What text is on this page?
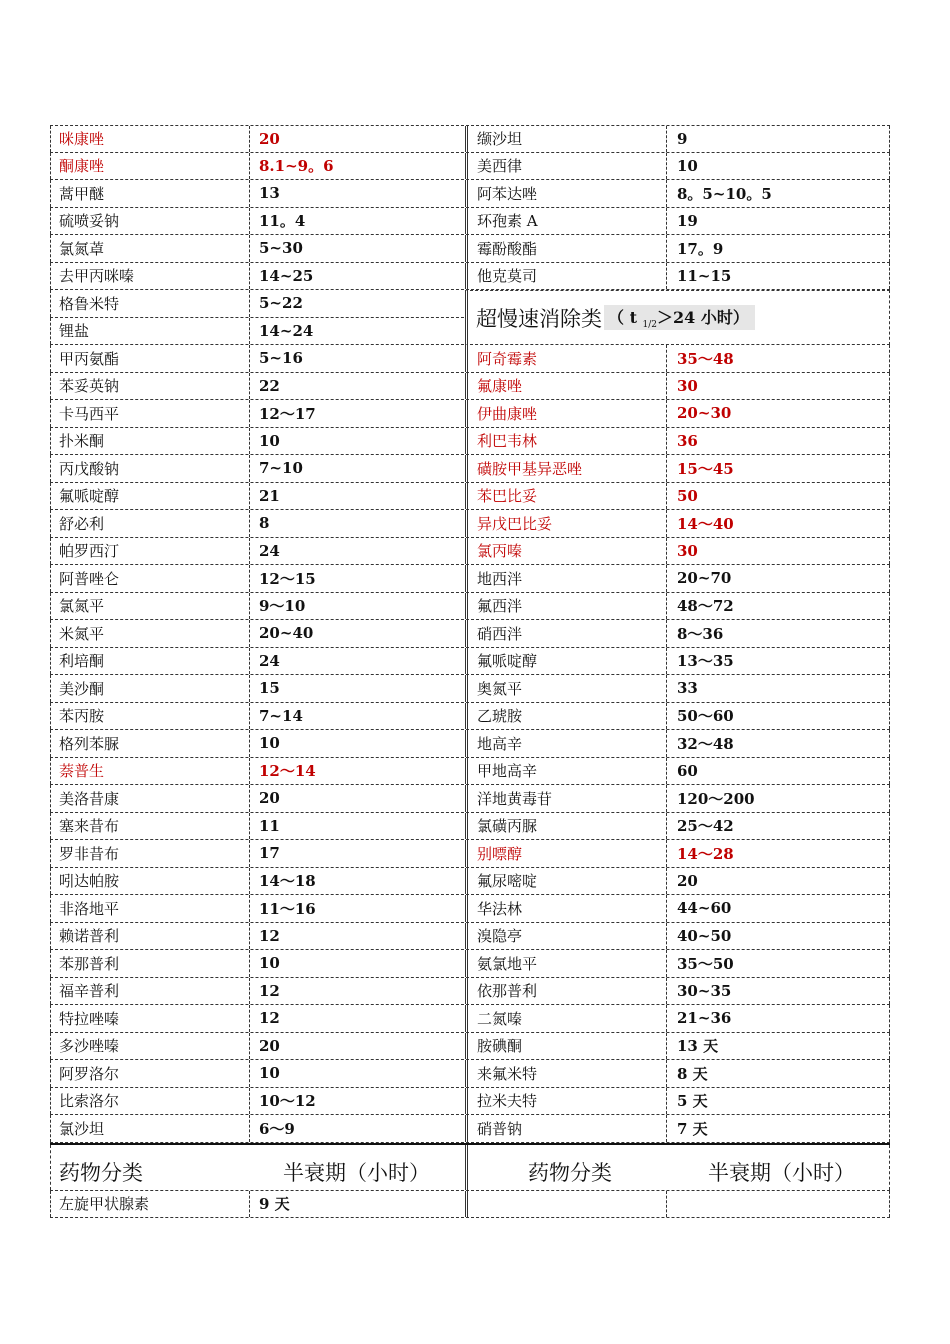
咪康唑	20	缬沙坦	9
酮康唑	8.1~9。6	美西律	10
蒿甲醚	13	阿苯达唑	8。5~10。5
硫喷妥钠	11。4	环孢素 A	19
氯氮䓬	5~30	霉酚酸酯	17。9
去甲丙咪嗪	14~25	他克莫司	11~15
格鲁米特	5~22
超慢速消除类 （ t $_{1/2}$＞24 小时）
锂盐	14~24
甲丙氨酯	5~16	阿奇霉素	35～48
苯妥英钠	22	氟康唑	30
卡马西平	12～17	伊曲康唑	20~30
扑米酮	10	利巴韦林	36
丙戊酸钠	7~10	磺胺甲基异恶唑	15～45
氟哌啶醇	21	苯巴比妥	50
舒必利	8	异戊巴比妥	14～40
帕罗西汀	24	氯丙嗪	30
阿普唑仑	12～15	地西泮	20~70
氯氮平	9～10	氟西泮	48～72
米氮平	20~40	硝西泮	8～36
利培酮	24	氟哌啶醇	13～35
美沙酮	15	奥氮平	33
苯丙胺	7~14	乙琥胺	50～60
格列苯脲	10	地高辛	32～48
萘普生	12～14	甲地高辛	60
美洛昔康	20	洋地黄毒苷	120～200
塞来昔布	11	氯磺丙脲	25～42
罗非昔布	17	别嘌醇	14～28
吲达帕胺	14～18	氟尿嘧啶	20
非洛地平	11～16	华法林	44~60
赖诺普利	12	溴隐亭	40~50
苯那普利	10	氨氯地平	35～50
福辛普利	12	依那普利	30~35
特拉唑嗪	12	二氮嗪	21~36
多沙唑嗪	20	胺碘酮	13 天
阿罗洛尔	10	来氟米特	8 天
比索洛尔	10～12	拉米夫特	5 天
氯沙坦	6～9	硝普钠	7 天
药物分类	半衰期（小时）	药物分类	半衰期（小时）
左旋甲状腺素	9 天
